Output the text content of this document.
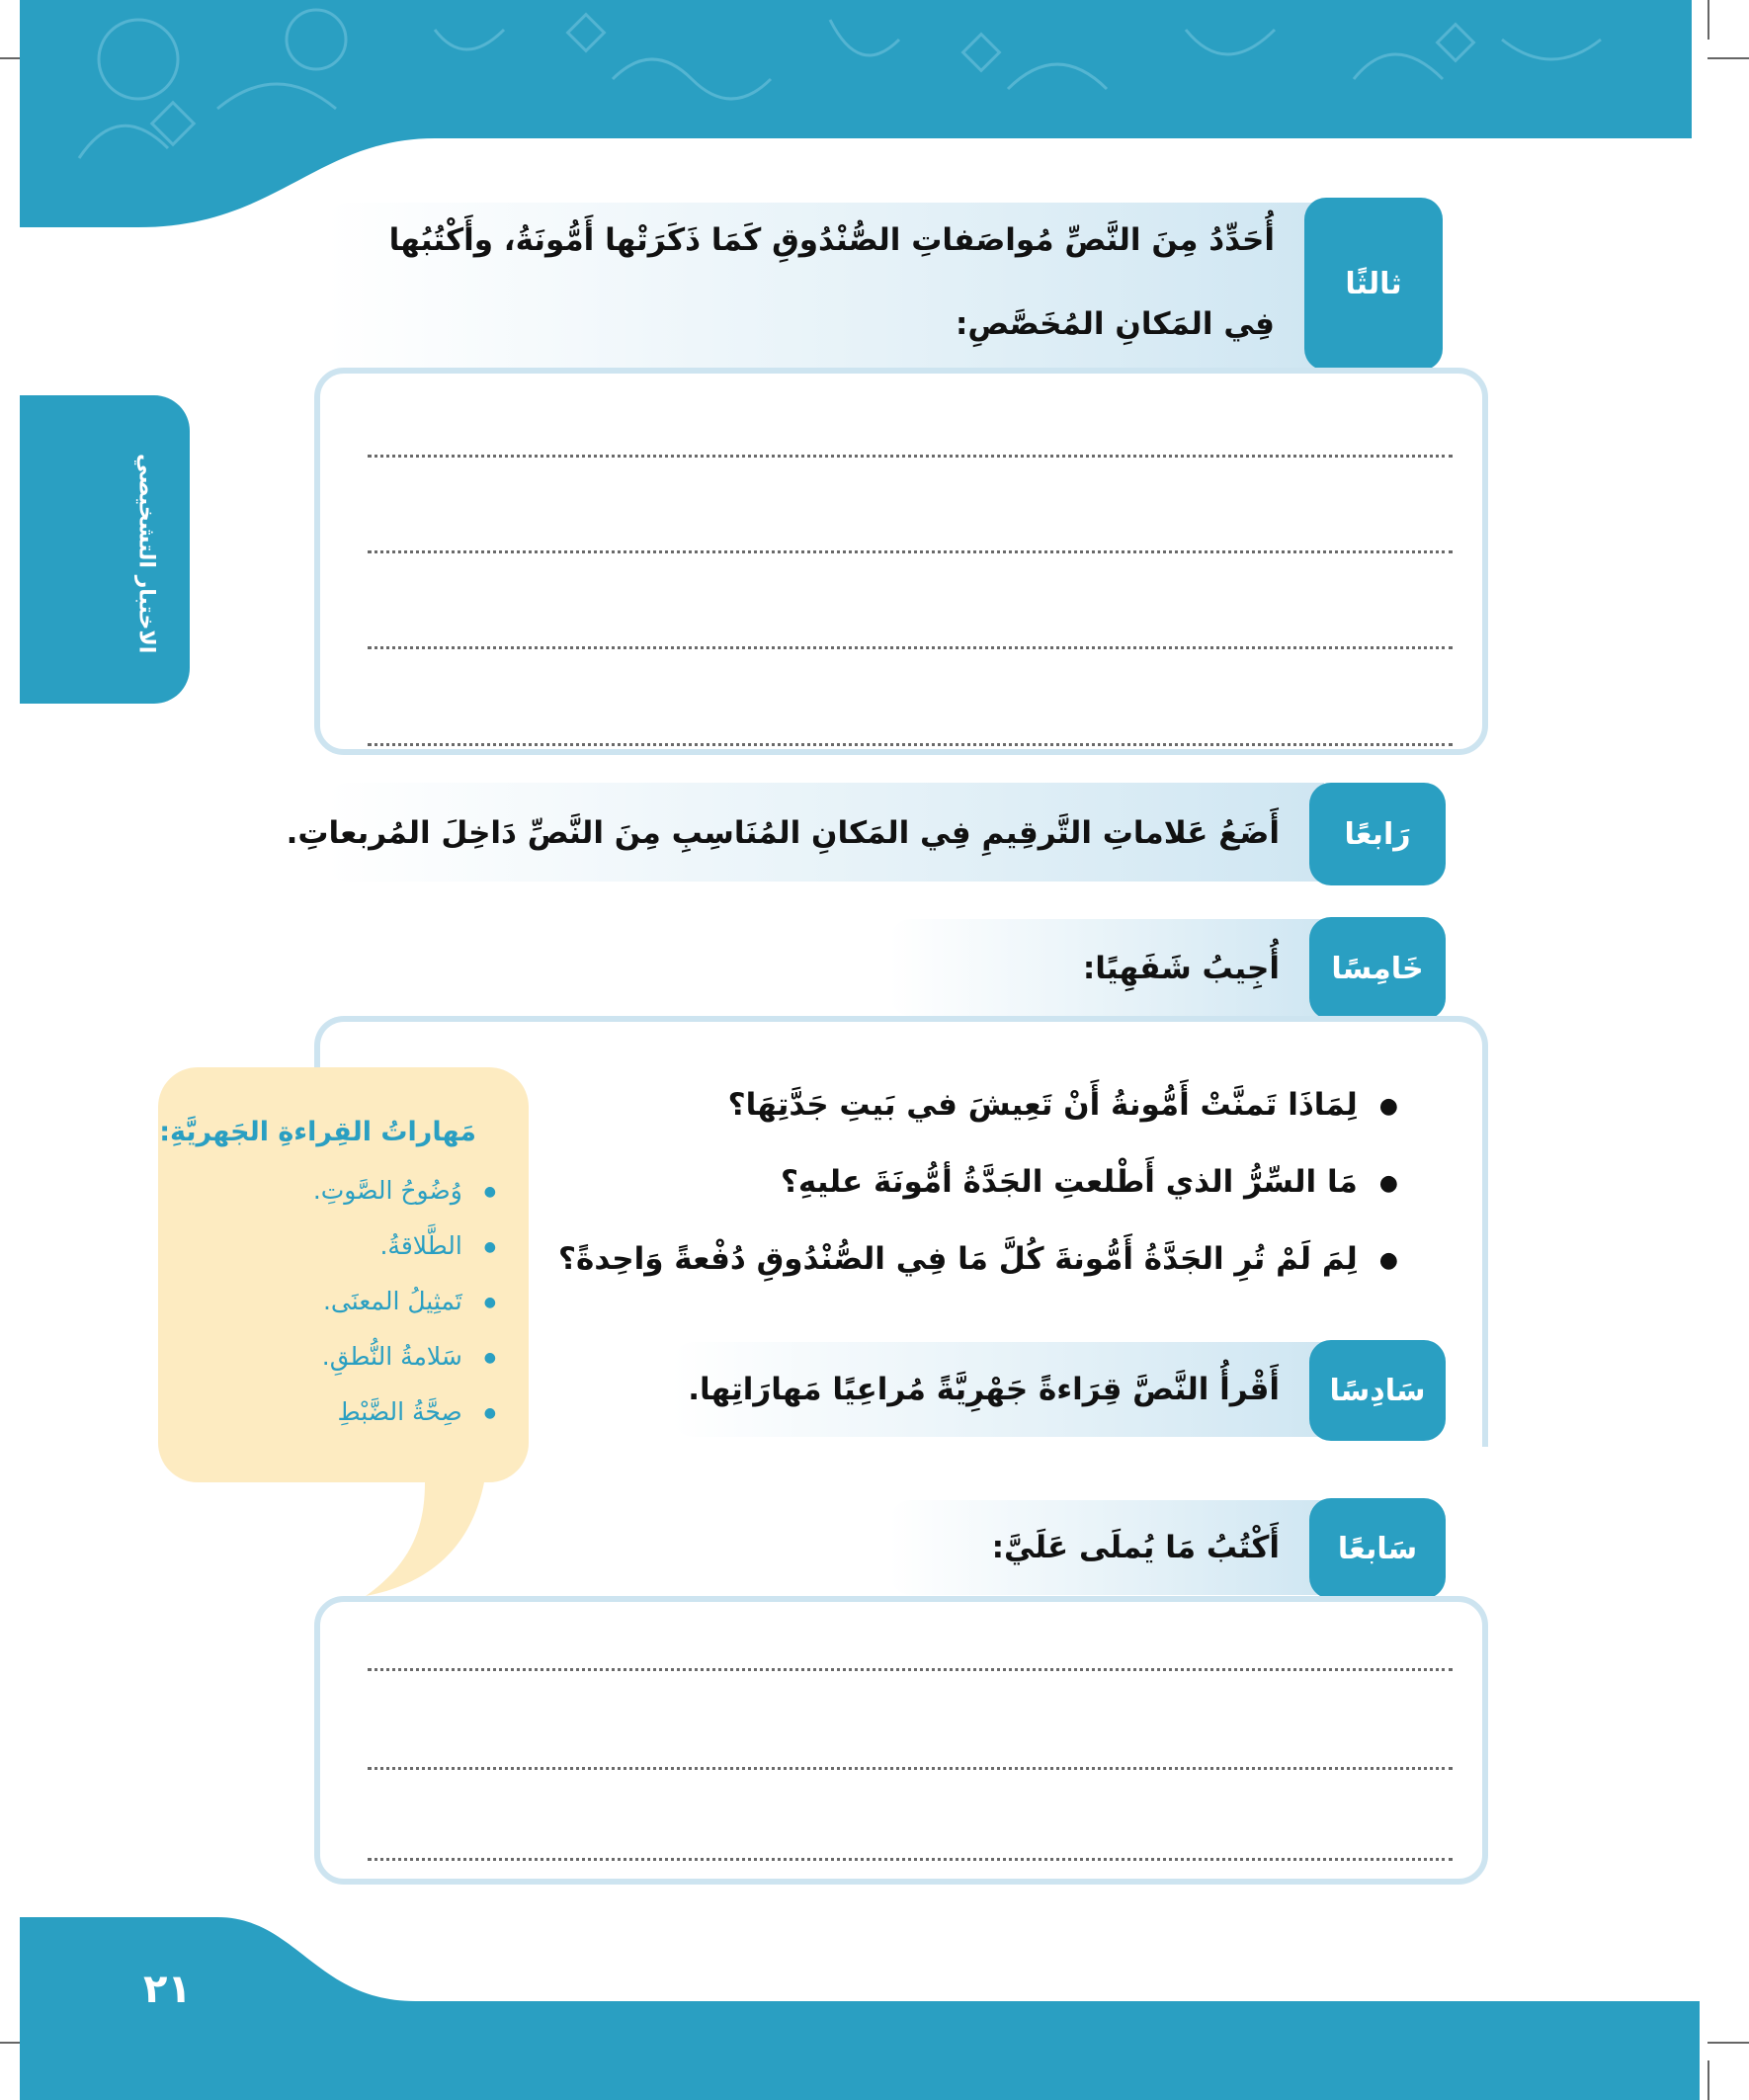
الاختبار التشخيصي
ثالثًا
أُحَدِّدُ مِنَ النَّصِّ مُواصَفاتِ الصُّنْدُوقِ كَمَا ذَكَرَتْها أَمُّونَةُ، وأَكْتُبُها
فِي المَكانِ المُخَصَّصِ:
رَابعًا
أَضَعُ عَلاماتِ التَّرقِيمِ فِي المَكانِ المُنَاسِبِ مِنَ النَّصِّ دَاخِلَ المُربعاتِ.
خَامِسًا
أُجِيبُ شَفَهِيًا:
● لِمَاذَا تَمنَّتْ أَمُّونةُ أَنْ تَعِيشَ في بَيتِ جَدَّتِهَا؟
● مَا السِّرُّ الذي أَطْلعتِ الجَدَّةُ أمُّونَةَ عليهِ؟
● لِمَ لَمْ تُرِ الجَدَّةُ أَمُّونةَ كُلَّ مَا فِي الصُّنْدُوقِ دُفْعةً وَاحِدةً؟
مَهاراتُ القِراءةِ الجَهريَّةِ:
● وُضُوحُ الصَّوتِ.
● الطَّلاقةُ.
● تَمثِيلُ المعنَى.
● سَلامةُ النُّطقِ.
● صِحَّةُ الضَّبْطِ
سَادِسًا
أَقْرأُ النَّصَّ قِرَاءةً جَهْرِيَّةً مُراعِيًا مَهارَاتِها.
سَابعًا
أَكْتُبُ مَا يُملَى عَلَيَّ:
٢١
